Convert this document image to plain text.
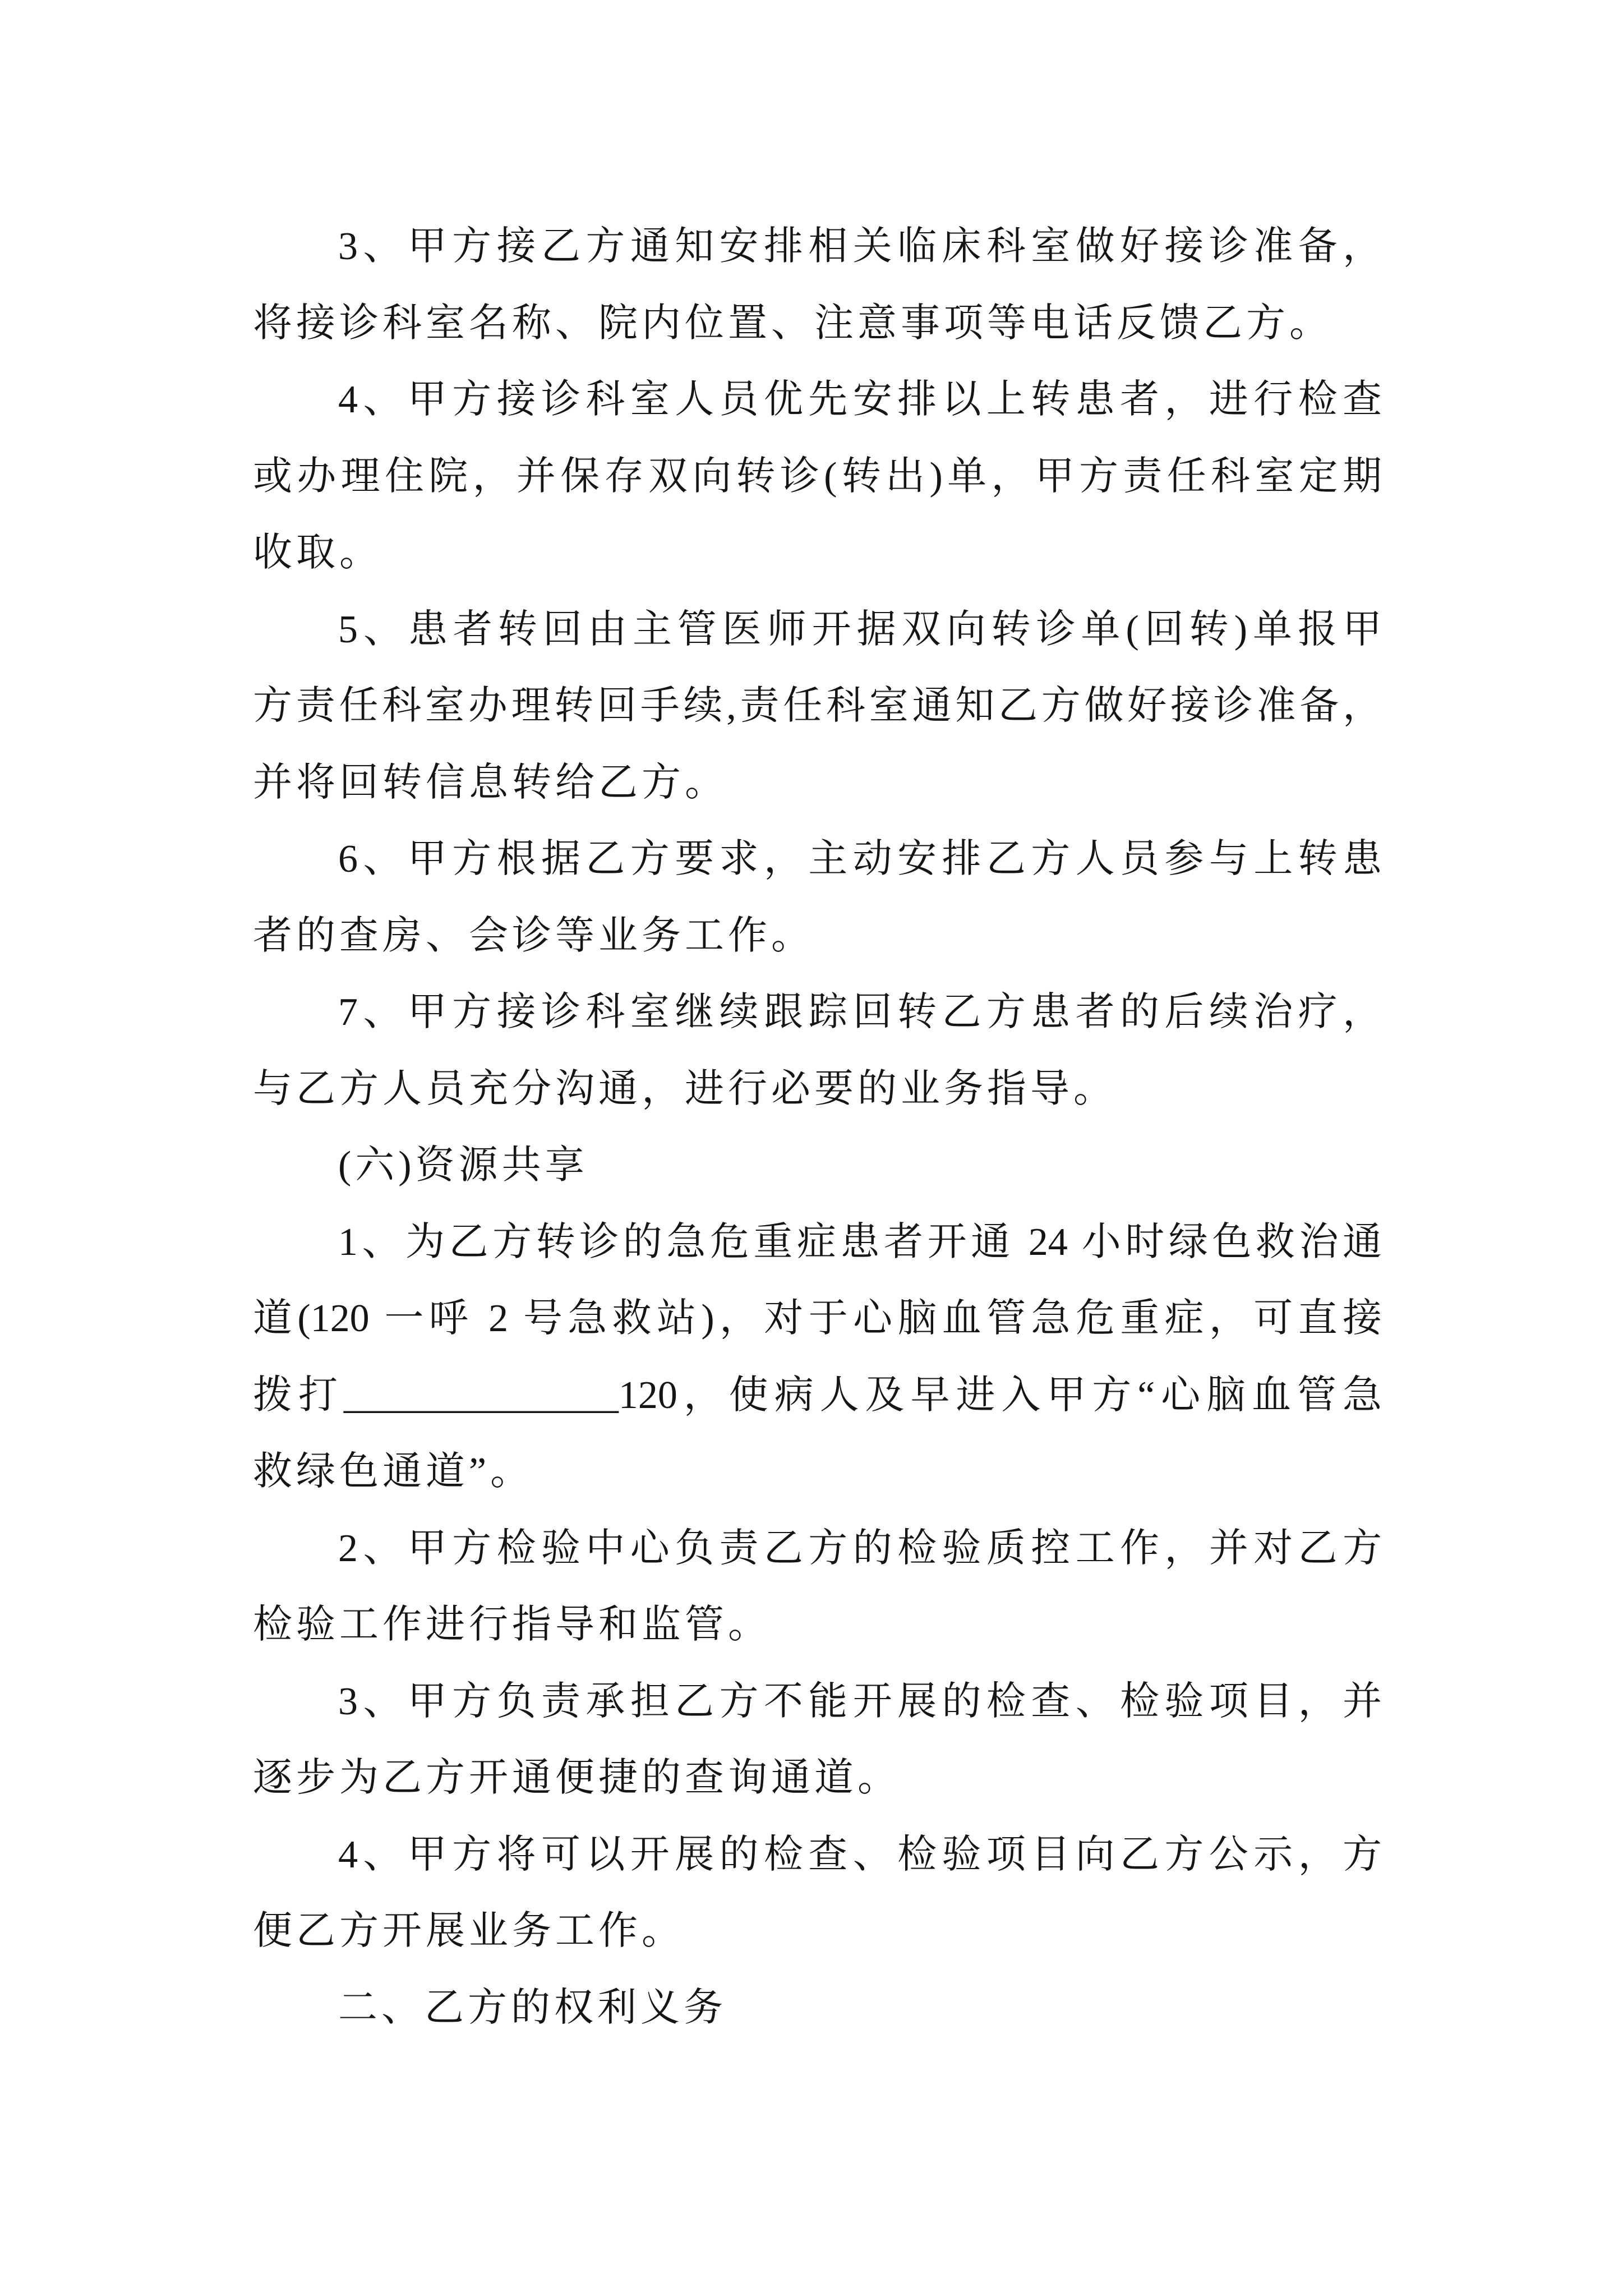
3、甲方接乙方通知安排相关临床科室做好接诊准备，
将接诊科室名称、院内位置、注意事项等电话反馈乙方。
4、甲方接诊科室人员优先安排以上转患者，进行检查
或办理住院，并保存双向转诊(转出)单，甲方责任科室定期
收取。
5、患者转回由主管医师开据双向转诊单(回转)单报甲
方责任科室办理转回手续,责任科室通知乙方做好接诊准备，
并将回转信息转给乙方。
6、甲方根据乙方要求，主动安排乙方人员参与上转患
者的查房、会诊等业务工作。
7、甲方接诊科室继续跟踪回转乙方患者的后续治疗，
与乙方人员充分沟通，进行必要的业务指导。
(六)资源共享
1、为乙方转诊的急危重症患者开通 24 小时绿色救治通
道(120 一呼 2 号急救站)，对于心脑血管急危重症，可直接
拨打______________120，使病人及早进入甲方“心脑血管急
救绿色通道”。
2、甲方检验中心负责乙方的检验质控工作，并对乙方
检验工作进行指导和监管。
3、甲方负责承担乙方不能开展的检查、检验项目，并
逐步为乙方开通便捷的查询通道。
4、甲方将可以开展的检查、检验项目向乙方公示，方
便乙方开展业务工作。
二、乙方的权利义务
